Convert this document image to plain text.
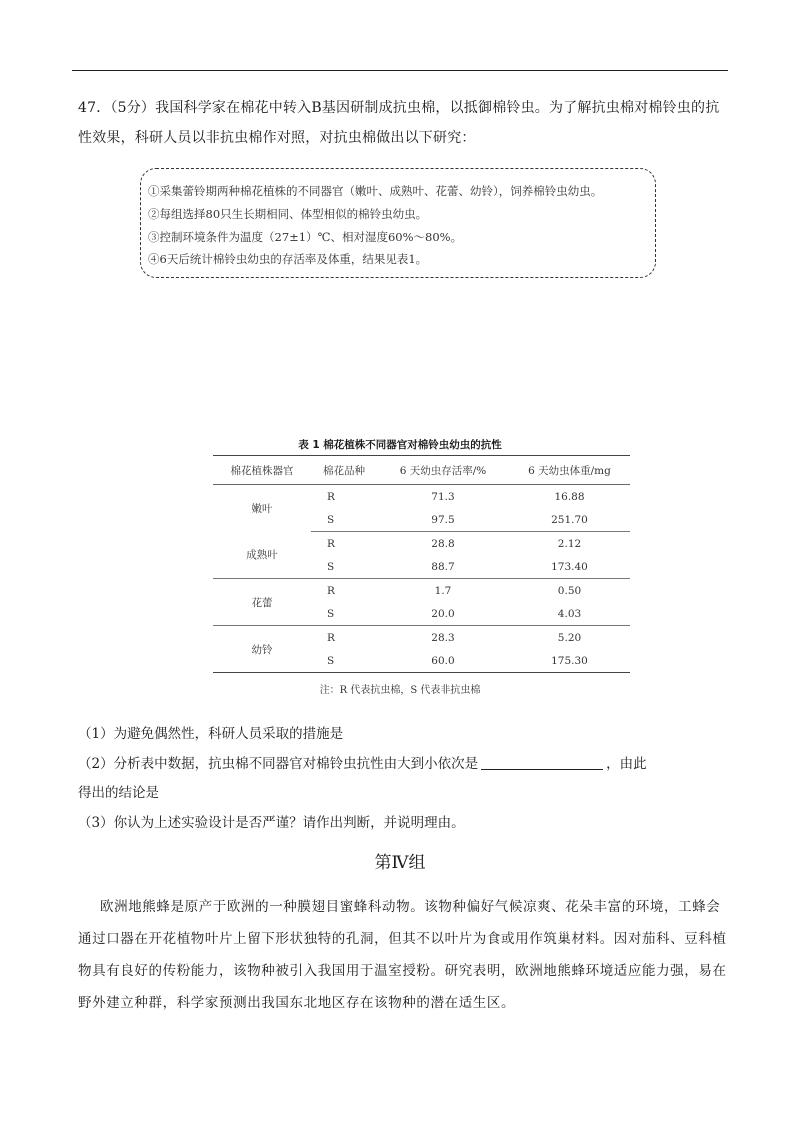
47．（5分）我国科学家在棉花中转入B基因研制成抗虫棉，以抵御棉铃虫。为了解抗虫棉对棉铃虫的抗
性效果，科研人员以非抗虫棉作对照，对抗虫棉做出以下研究：
①采集蕾铃期两种棉花植株的不同器官（嫩叶、成熟叶、花蕾、幼铃），饲养棉铃虫幼虫。
②每组选择80只生长期相同、体型相似的棉铃虫幼虫。
③控制环境条件为温度（27±1）℃、相对湿度60%～80%。
④6天后统计棉铃虫幼虫的存活率及体重，结果见表1。
表 1 棉花植株不同器官对棉铃虫幼虫的抗性
棉花植株器官	棉花品种	6 天幼虫存活率/%	6 天幼虫体重/mg
嫩叶	R	71.3	16.88
	S	97.5	251.70
成熟叶	R	28.8	2.12
	S	88.7	173.40
花蕾	R	1.7	0.50
	S	20.0	4.03
幼铃	R	28.3	5.20
	S	60.0	175.30
注：R 代表抗虫棉，S 代表非抗虫棉
（1）为避免偶然性，科研人员采取的措施是
（2）分析表中数据，抗虫棉不同器官对棉铃虫抗性由大到小依次是	，由此
得出的结论是
（3）你认为上述实验设计是否严谨？请作出判断，并说明理由。
第Ⅳ组
欧洲地熊蜂是原产于欧洲的一种膜翅目蜜蜂科动物。该物种偏好气候凉爽、花朵丰富的环境，工蜂会
通过口器在开花植物叶片上留下形状独特的孔洞，但其不以叶片为食或用作筑巢材料。因对茄科、豆科植
物具有良好的传粉能力，该物种被引入我国用于温室授粉。研究表明，欧洲地熊蜂环境适应能力强，易在
野外建立种群，科学家预测出我国东北地区存在该物种的潜在适生区。
